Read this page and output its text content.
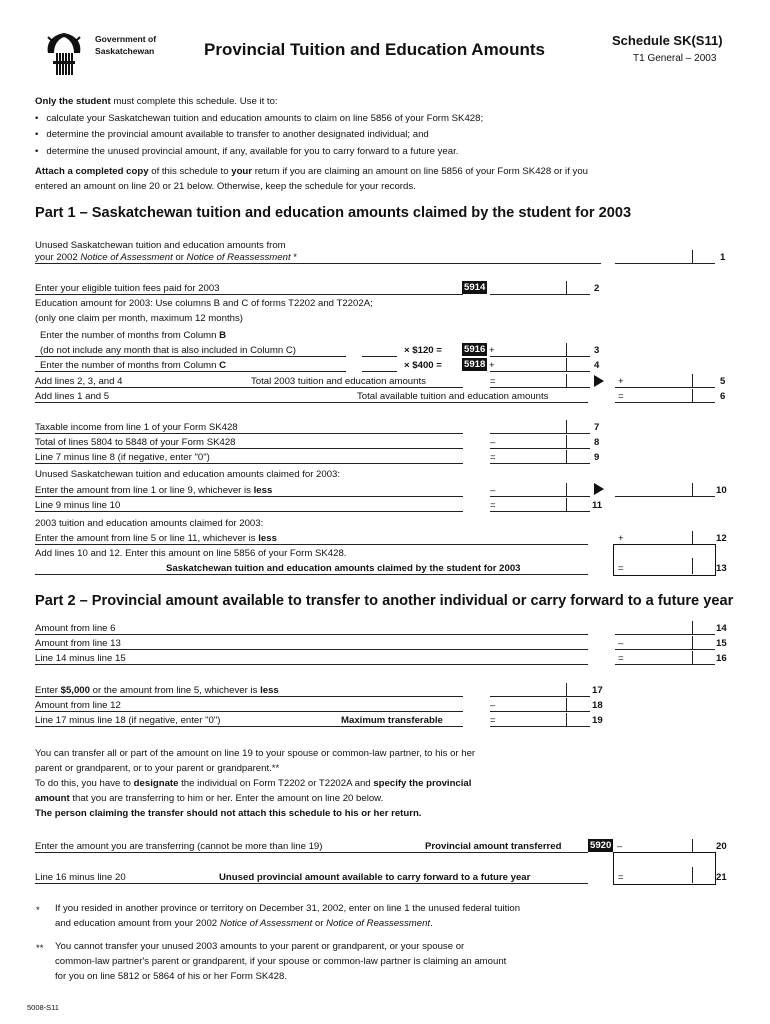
Government of
Saskatchewan	Provincial Tuition and Education Amounts	Schedule SK(S11)
T1 General – 2003
Only the student must complete this schedule. Use it to:
•   calculate your Saskatchewan tuition and education amounts to claim on line 5856 of your Form SK428;
•   determine the provincial amount available to transfer to another designated individual; and
•   determine the unused provincial amount, if any, available for you to carry forward to a future year.
Attach a completed copy of this schedule to your return if you are claiming an amount on line 5856 of your Form SK428 or if you
entered an amount on line 20 or 21 below. Otherwise, keep the schedule for your records.
Part 1 – Saskatchewan tuition and education amounts claimed by the student for 2003
Unused Saskatchewan tuition and education amounts from
your 2002 Notice of Assessment or Notice of Reassessment *	1
Enter your eligible tuition fees paid for 2003	5914	2
Education amount for 2003: Use columns B and C of forms T2202 and T2202A;
(only one claim per month, maximum 12 months)
Enter the number of months from Column B
(do not include any month that is also included in Column C)	× $120 = 5916 +	3
Enter the number of months from Column C	× $400 = 5918 +	4
Add lines 2, 3, and 4	Total 2003 tuition and education amounts	=	+	5
Add lines 1 and 5	Total available tuition and education amounts	=	6
Taxable income from line 1 of your Form SK428	7
Total of lines 5804 to 5848 of your Form SK428	–	8
Line 7 minus line 8 (if negative, enter "0")	=	9
Unused Saskatchewan tuition and education amounts claimed for 2003:
Enter the amount from line 1 or line 9, whichever is less	–	10
Line 9 minus line 10	=	11
2003 tuition and education amounts claimed for 2003:
Enter the amount from line 5 or line 11, whichever is less	+	12
Add lines 10 and 12. Enter this amount on line 5856 of your Form SK428.
Saskatchewan tuition and education amounts claimed by the student for 2003	=	13
Part 2 – Provincial amount available to transfer to another individual or carry forward to a future year
Amount from line 6	14
Amount from line 13	–	15
Line 14 minus line 15	=	16
Enter $5,000 or the amount from line 5, whichever is less	17
Amount from line 12	–	18
Line 17 minus line 18 (if negative, enter "0")	Maximum transferable	=	19
You can transfer all or part of the amount on line 19 to your spouse or common-law partner, to his or her
parent or grandparent, or to your parent or grandparent.**
To do this, you have to designate the individual on Form T2202 or T2202A and specify the provincial
amount that you are transferring to him or her. Enter the amount on line 20 below.
The person claiming the transfer should not attach this schedule to his or her return.
Enter the amount you are transferring (cannot be more than line 19)	Provincial amount transferred	5920 –	20
Line 16 minus line 20	Unused provincial amount available to carry forward to a future year	=	21
* If you resided in another province or territory on December 31, 2002, enter on line 1 the unused federal tuition
and education amount from your 2002 Notice of Assessment or Notice of Reassessment.
** You cannot transfer your unused 2003 amounts to your parent or grandparent, or your spouse or
common-law partner's parent or grandparent, if your spouse or common-law partner is claiming an amount
for you on line 5812 or 5864 of his or her Form SK428.
5008-S11
